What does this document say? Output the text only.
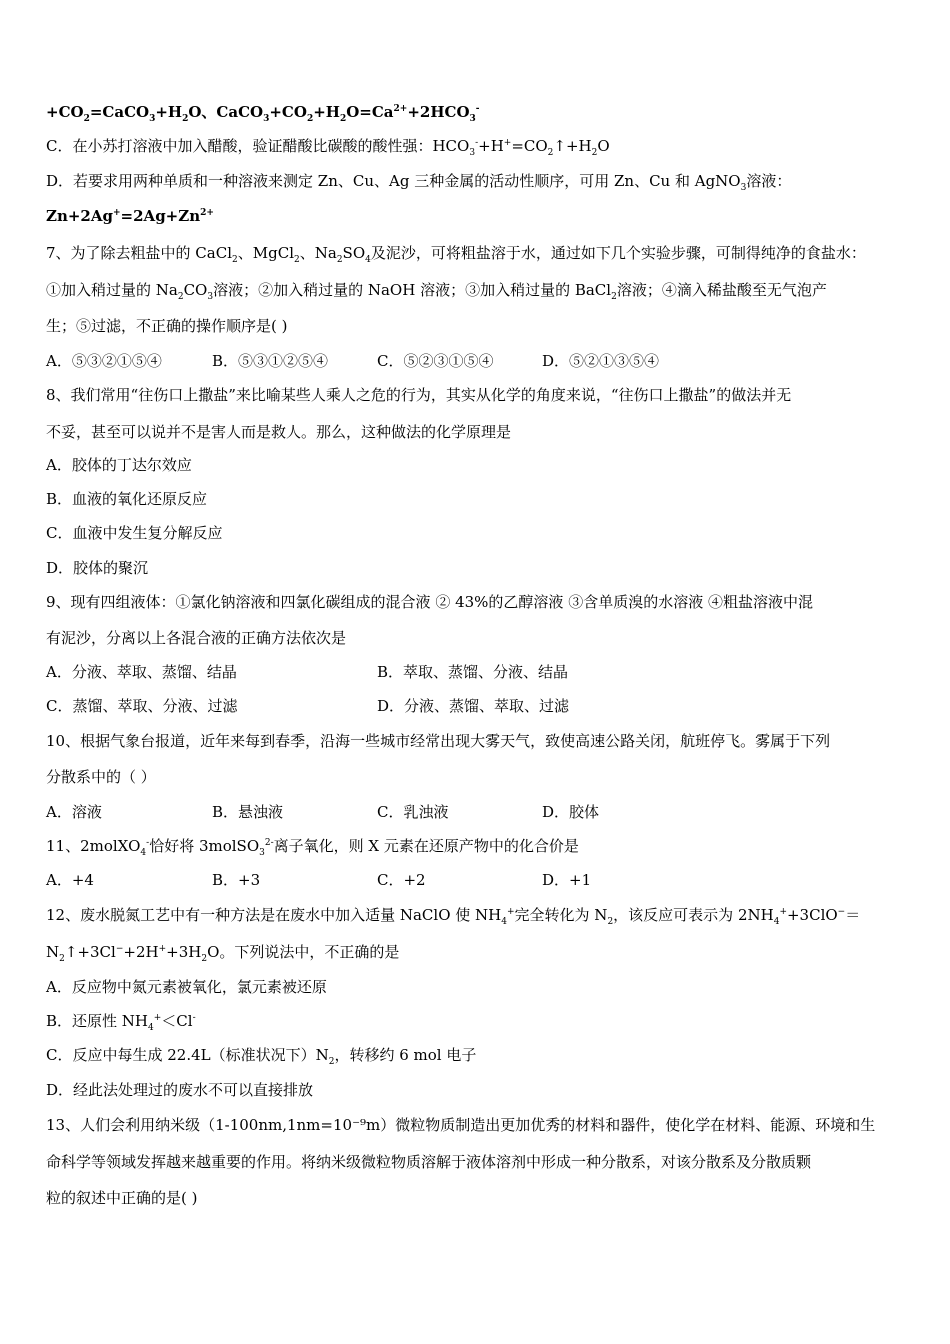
$+CO_2=CaCO_3+H_2O$、$CaCO_3+CO_2+H_2O=Ca^{2+}+2HCO_3^-$
C．在小苏打溶液中加入醋酸，验证醋酸比碳酸的酸性强：$HCO_3^-+H^+=CO_2↑+H_2O$
D．若要求用两种单质和一种溶液来测定 Zn、Cu、Ag 三种金属的活动性顺序，可用 Zn、Cu 和 AgNO$_3$溶液：
$Zn+2Ag^+=2Ag+Zn^{2+}$
7、为了除去粗盐中的 CaCl$_2$、MgCl$_2$、$Na_2SO_4$及泥沙，可将粗盐溶于水，通过如下几个实验步骤，可制得纯净的食盐水：
①加入稍过量的 $Na_2CO_3$溶液；②加入稍过量的 NaOH 溶液；③加入稍过量的 BaCl$_2$溶液；④滴入稀盐酸至无气泡产
生；⑤过滤，不正确的操作顺序是( )
A．⑤③②①⑤④	B．⑤③①②⑤④	C．⑤②③①⑤④	D．⑤②①③⑤④
8、我们常用“往伤口上撒盐”来比喻某些人乘人之危的行为，其实从化学的角度来说，“往伤口上撒盐”的做法并无
不妥，甚至可以说并不是害人而是救人。那么，这种做法的化学原理是
A．胶体的丁达尔效应
B．血液的氧化还原反应
C．血液中发生复分解反应
D．胶体的聚沉
9、现有四组液体：①氯化钠溶液和四氯化碳组成的混合液 ② 43%的乙醇溶液 ③含单质溴的水溶液 ④粗盐溶液中混
有泥沙，分离以上各混合液的正确方法依次是
A．分液、萃取、蒸馏、结晶	B．萃取、蒸馏、分液、结晶
C．蒸馏、萃取、分液、过滤	D．分液、蒸馏、萃取、过滤
10、根据气象台报道，近年来每到春季，沿海一些城市经常出现大雾天气，致使高速公路关闭，航班停飞。雾属于下列
分散系中的（ ）
A．溶液	B．悬浊液	C．乳浊液	D．胶体
11、2molXO$_4$-恰好将 3molSO$_3^{2-}$离子氧化，则 X 元素在还原产物中的化合价是
A．+4	B．+3	C．+2	D．+1
12、废水脱氮工艺中有一种方法是在废水中加入适量 NaClO 使 $NH_4^+$完全转化为 $N_2$，该反应可表示为 $2NH_4^++3ClO^-=$
$N_2↑+3Cl^-+2H^++3H_2O$。下列说法中，不正确的是
A．反应物中氮元素被氧化，氯元素被还原
B．还原性 $NH_4^+<Cl^-$
C．反应中每生成 22.4L（标准状况下）$N_2$，转移约 6 mol 电子
D．经此法处理过的废水不可以直接排放
13、人们会利用纳米级（1-100nm,1nm=10⁻⁹m）微粒物质制造出更加优秀的材料和器件，使化学在材料、能源、环境和生
命科学等领域发挥越来越重要的作用。将纳米级微粒物质溶解于液体溶剂中形成一种分散系，对该分散系及分散质颗
粒的叙述中正确的是( )
